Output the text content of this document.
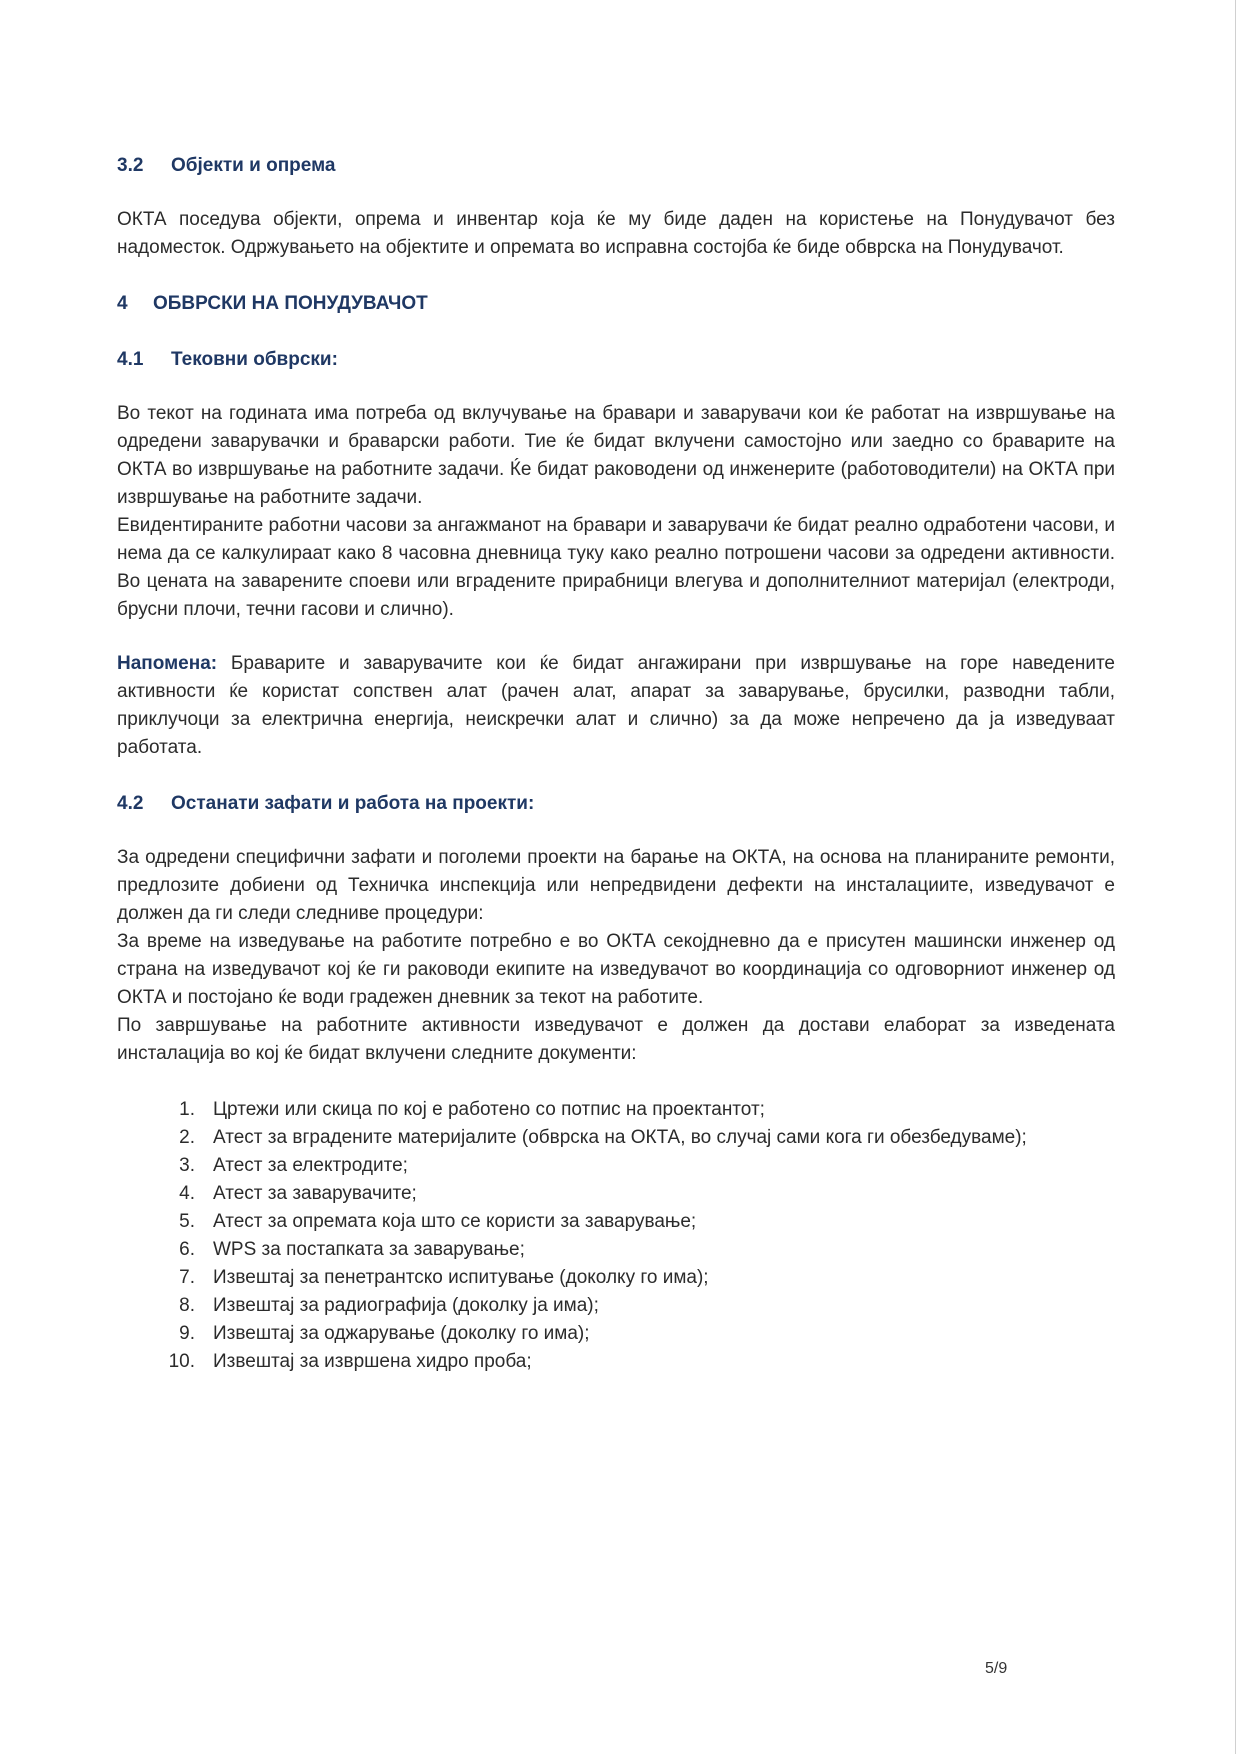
3.2 Објекти и опрема

ОКТА поседува објекти, опрема и инвентар која ќе му биде даден на користење на Понудувачот без надоместок. Одржувањето на објектите и опремата во исправна состојба ќе биде обврска на Понудувачот.

4 ОБВРСКИ НА ПОНУДУВАЧОТ
4.1 Тековни обврски:

Во текот на годината има потреба од вклучување на бравари и заварувачи кои ќе работат на извршување на одредени заварувачки и браварски работи. Тие ќе бидат вклучени самостојно или заедно со браварите на ОКТА во извршување на работните задачи. Ќе бидат раководени од инженерите (работоводители) на ОКТА при извршување на работните задачи.

Евидентираните работни часови за ангажманот на бравари и заварувачи ќе бидат реално одработени часови, и нема да се калкулираат како 8 часовна дневница туку како реално потрошени часови за одредени активности. Во цената на заварените споеви или вградените прирабници влегува и дополнителниот материјал (електроди, брусни плочи, течни гасови и слично).

Напомена: Браварите и заварувачите кои ќе бидат ангажирани при извршување на горе наведените активности ќе користат сопствен алат (рачен алат, апарат за заварување, брусилки, разводни табли, приклучоци за електрична енергија, неискречки алат и слично) за да може непречено да ја изведуваат работата.

4.2 Останати зафати и работа на проекти:

За одредени специфични зафати и поголеми проекти на барање на ОКТА, на основа на планираните ремонти, предлозите добиени од Техничка инспекција или непредвидени дефекти на инсталациите, изведувачот е должен да ги следи следниве процедури:

За време на изведување на работите потребно е во ОКТА секојдневно да е присутен машински инженер од страна на изведувачот кој ќе ги раководи екипите на изведувачот во координација со одговорниот инженер од ОКТА и постојано ќе води градежен дневник за текот на работите.

По завршување на работните активности изведувачот е должен да достави елаборат за изведената инсталација во кој ќе бидат вклучени следните документи:

1. Цртежи или скица по кој е работено со потпис на проектантот;
2. Атест за вградените материјалите (обврска на ОКТА, во случај сами кога ги обезбедуваме);
3. Атест за електродите;
4. Атест за заварувачите;
5. Атест за опремата која што се користи за заварување;
6. WPS за постапката за заварување;
7. Извештај за пенетрантско испитување (доколку го има);
8. Извештај за радиографија (доколку ја има);
9. Извештај за оджарување (доколку го има);
10. Извештај за извршена хидро проба;
5/9
